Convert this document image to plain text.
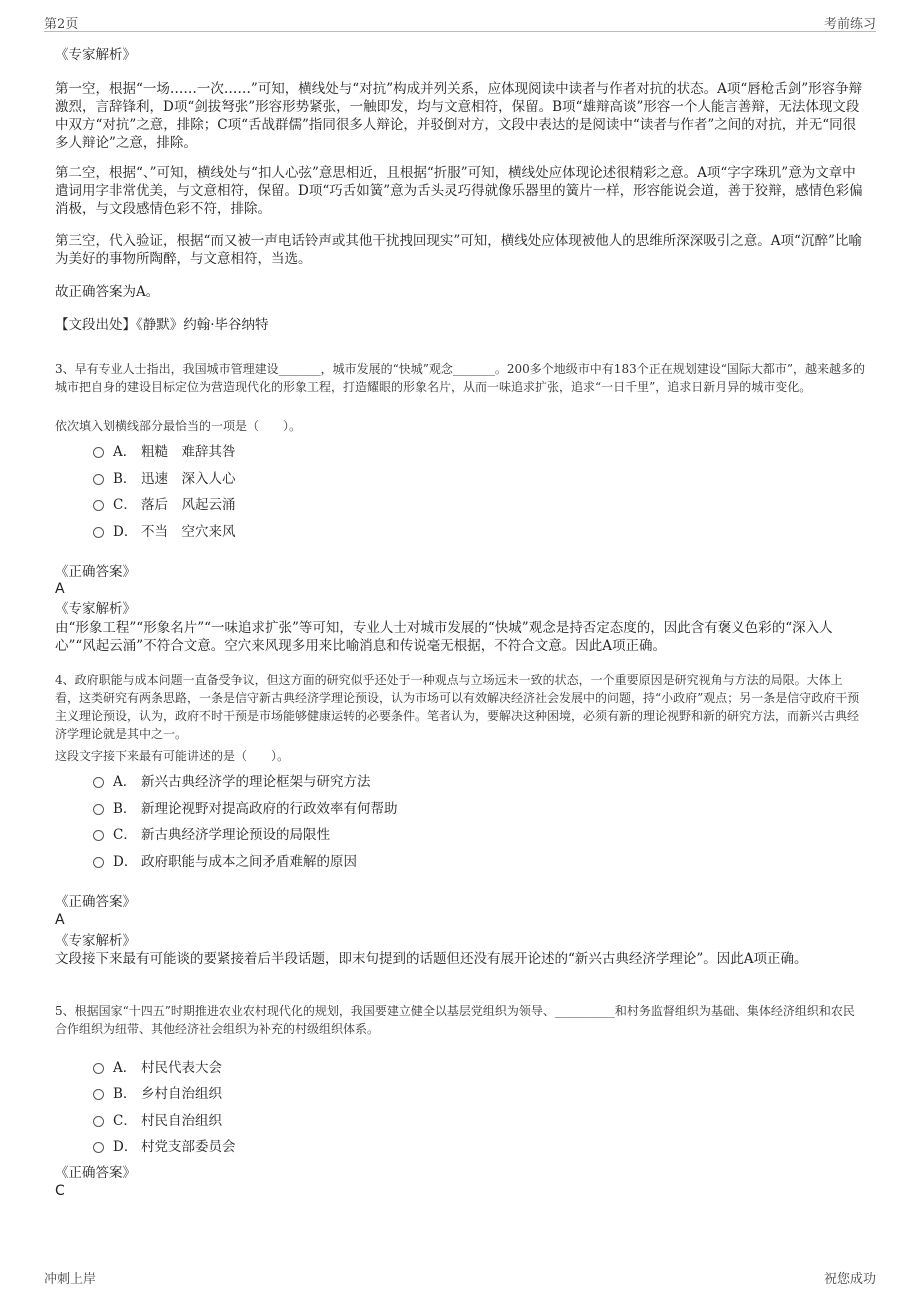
第2页	考前练习
冲刺上岸	祝您成功
《专家解析》

第一空，根据“一场……一次……”可知，横线处与“对抗”构成并列关系，应体现阅读中读者与作者对抗的状态。A项“唇枪舌剑”形容争辩激烈，言辞锋利，D项“剑拔弩张”形容形势紧张，一触即发，均与文意相符，保留。B项“雄辩高谈”形容一个人能言善辩，无法体现文段中双方“对抗”之意，排除；C项“舌战群儒”指同很多人辩论，并驳倒对方，文段中表达的是阅读中“读者与作者”之间的对抗，并无“同很多人辩论”之意，排除。

第二空，根据“、”可知，横线处与“扣人心弦”意思相近，且根据“折服”可知，横线处应体现论述很精彩之意。A项“字字珠玑”意为文章中遣词用字非常优美，与文意相符，保留。D项“巧舌如簧”意为舌头灵巧得就像乐器里的簧片一样，形容能说会道，善于狡辩，感情色彩偏消极，与文段感情色彩不符，排除。

第三空，代入验证，根据“而又被一声电话铃声或其他干扰拽回现实”可知，横线处应体现被他人的思维所深深吸引之意。A项“沉醉”比喻为美好的事物所陶醉，与文意相符，当选。

故正确答案为A。

【文段出处】《静默》约翰·毕谷纳特

3、早有专业人士指出，我国城市管理建设_______，城市发展的“快城”观念_______。200多个地级市中有183个正在规划建设“国际大都市”，越来越多的城市把自身的建设目标定位为营造现代化的形象工程，打造耀眼的形象名片，从而一味追求扩张，追求“一日千里”，追求日新月异的城市变化。

依次填入划横线部分最恰当的一项是（　　）。

A． 粗糙　难辞其咎
B． 迅速　深入人心
C． 落后　风起云涌
D． 不当　空穴来风
《正确答案》
A
《专家解析》

由“形象工程”“形象名片”“一味追求扩张”等可知，专业人士对城市发展的“快城”观念是持否定态度的，因此含有褒义色彩的“深入人心”“风起云涌”不符合文意。空穴来风现多用来比喻消息和传说毫无根据，不符合文意。因此A项正确。

4、政府职能与成本问题一直备受争议，但这方面的研究似乎还处于一种观点与立场远未一致的状态，一个重要原因是研究视角与方法的局限。大体上看，这类研究有两条思路，一条是信守新古典经济学理论预设，认为市场可以有效解决经济社会发展中的问题，持“小政府”观点；另一条是信守政府干预主义理论预设，认为，政府不时干预是市场能够健康运转的必要条件。笔者认为，要解决这种困境，必须有新的理论视野和新的研究方法，而新兴古典经济学理论就是其中之一。

这段文字接下来最有可能讲述的是（　　）。

A． 新兴古典经济学的理论框架与研究方法
B． 新理论视野对提高政府的行政效率有何帮助
C． 新古典经济学理论预设的局限性
D． 政府职能与成本之间矛盾难解的原因
《正确答案》
A
《专家解析》

文段接下来最有可能谈的要紧接着后半段话题，即末句提到的话题但还没有展开论述的“新兴古典经济学理论”。因此A项正确。

5、根据国家“十四五”时期推进农业农村现代化的规划，我国要建立健全以基层党组织为领导、__________和村务监督组织为基础、集体经济组织和农民合作组织为纽带、其他经济社会组织为补充的村级组织体系。

A． 村民代表大会
B． 乡村自治组织
C． 村民自治组织
D． 村党支部委员会
《正确答案》
C
